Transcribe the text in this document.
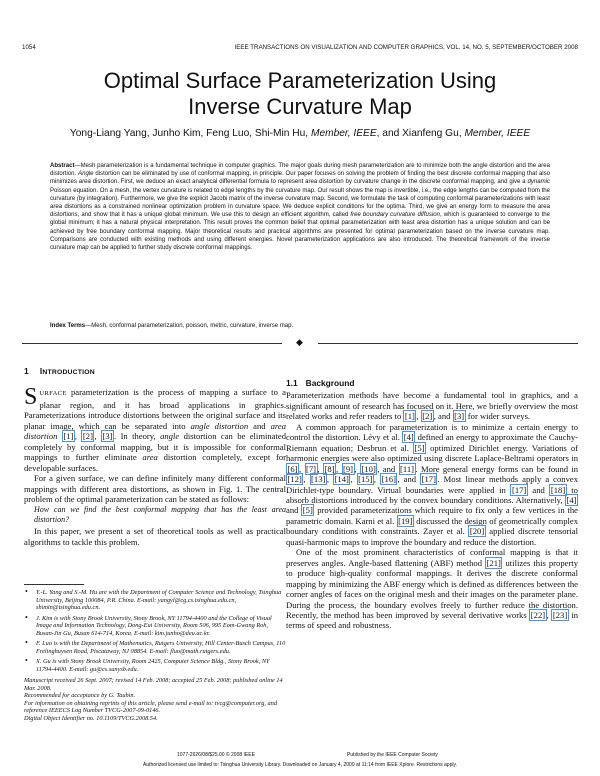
1054	IEEE TRANSACTIONS ON VISUALIZATION AND COMPUTER GRAPHICS, VOL. 14, NO. 5, SEPTEMBER/OCTOBER 2008
Optimal Surface Parameterization Using
Inverse Curvature Map
Yong-Liang Yang, Junho Kim, Feng Luo, Shi-Min Hu, Member, IEEE, and Xianfeng Gu, Member, IEEE
Abstract—Mesh parameterization is a fundamental technique in computer graphics. The major goals during mesh parameterization are to minimize both the angle distortion and the area distortion. Angle distortion can be eliminated by use of conformal mapping, in principle. Our paper focuses on solving the problem of finding the best discrete conformal mapping that also minimizes area distortion. First, we deduce an exact analytical differential formula to represent area distortion by curvature change in the discrete conformal mapping, and give a dynamic Poisson equation. On a mesh, the vertex curvature is related to edge lengths by the curvature map. Our result shows the map is invertible, i.e., the edge lengths can be computed from the curvature (by integration). Furthermore, we give the explicit Jacobi matrix of the inverse curvature map. Second, we formulate the task of computing conformal parameterizations with least area distortions as a constrained nonlinear optimization problem in curvature space. We deduce explicit conditions for the optima. Third, we give an energy form to measure the area distortions, and show that it has a unique global minimum. We use this to design an efficient algorithm, called free boundary curvature diffusion, which is guaranteed to converge to the global minimum; it has a natural physical interpretation. This result proves the common belief that optimal parameterization with least area distortion has a unique solution and can be achieved by free boundary conformal mapping. Major theoretical results and practical algorithms are presented for optimal parameterization based on the inverse curvature map. Comparisons are conducted with existing methods and using different energies. Novel parameterization applications are also introduced. The theoretical framework of the inverse curvature map can be applied to further study discrete conformal mappings.
Index Terms—Mesh, conformal parameterization, poisson, metric, curvature, inverse map.
◆
1 INTRODUCTION

SURFACE parameterization is the process of mapping a surface to a planar region, and it has broad applications in graphics. Parameterizations introduce distortions between the original surface and its planar image, which can be separated into angle distortion and area distortion [1] , [2] , [3] . In theory, angle distortion can be eliminated completely by conformal mapping, but it is impossible for conformal mappings to further eliminate area distortion completely, except for developable surfaces.

For a given surface, we can define infinitely many different conformal mappings with different area distortions, as shown in Fig. 1. The central problem of the optimal parameterization can be stated as follows:

How can we find the best conformal mapping that has the least area distortion?

In this paper, we present a set of theoretical tools as well as practical algorithms to tackle this problem.

• Y.-L. Yang and S.-M. Hu are with the Department of Computer Science and Technology, Tsinghua University, Beijing 100084, P.R. China. E-mail: yangyl@cg.cs.tsinghua.edu.cn, shimin@tsinghua.edu.cn.
• J. Kim is with Stony Brook University, Stony Brook, NY 11794-4400 and the College of Visual Image and Information Technology, Dong-Eui University, Room 506, 995 Eom-Gwang Roh, Busan-Jin Gu, Busan 614-714, Korea. E-mail: kim.junho@deu.ac.kr.
• F. Luo is with the Department of Mathematics, Rutgers University, Hill Center-Busch Campus, 110 Frelinghuysen Road, Piscataway, NJ 08854. E-mail: fluo@math.rutgers.edu.
• X. Gu is with Stony Brook University, Room 2425, Computer Science Bldg., Stony Brook, NY 11794-4400. E-mail: gu@cs.sunysb.edu.
Manuscript received 26 Sept. 2007; revised 14 Feb. 2008; accepted 25 Feb. 2008; published online 14 Mar. 2008.
Recommended for acceptance by G. Taubin.
For information on obtaining reprints of this article, please send e-mail to: tvcg@computer.org, and reference IEEECS Log Number TVCG-2007-09-0146.
Digital Object Identifier no. 10.1109/TVCG.2008.54.
1.1 Background

Parameterization methods have become a fundamental tool in graphics, and a significant amount of research has focused on it. Here, we briefly overview the most related works and refer readers to [1] , [2] , and [3] for wider surveys.

A common approach for parameterization is to minimize a certain energy to control the distortion. Lévy et al. [4] defined an energy to approximate the Cauchy-Riemann equation; Desbrun et al. [5] optimized Dirichlet energy. Variations of harmonic energies were also optimized using discrete Laplace-Beltrami operators in [6] , [7] , [8] , [9] , [10] , and [11] . More general energy forms can be found in [12] , [13] , [14] , [15] , [16] , and [17] . Most linear methods apply a convex Dirichlet-type boundary. Virtual boundaries were applied in [17] and [18] to absorb distortions introduced by the convex boundary conditions. Alternatively, [4] and [5] provided parameterizations which require to fix only a few vertices in the parametric domain. Karni et al. [19] discussed the design of geometrically complex boundary conditions with constraints. Zayer et al. [20] applied discrete tensorial quasi-harmonic maps to improve the boundary and reduce the distortion.

One of the most prominent characteristics of conformal mapping is that it preserves angles. Angle-based flattening (ABF) method [21] utilizes this property to produce high-quality conformal mappings. It derives the discrete conformal mapping by minimizing the ABF energy which is defined as differences between the corner angles of faces on the original mesh and their images on the parameter plane. During the process, the boundary evolves freely to further reduce the distortion. Recently, the method has been improved by several derivative works [22] , [23] in terms of speed and robustness.

1077-2626/08/$25.00 © 2008 IEEE	Published by the IEEE Computer Society
Authorized licensed use limited to: Tsinghua University Library. Downloaded on January 4, 2009 at 11:14 from IEEE Xplore. Restrictions apply.
